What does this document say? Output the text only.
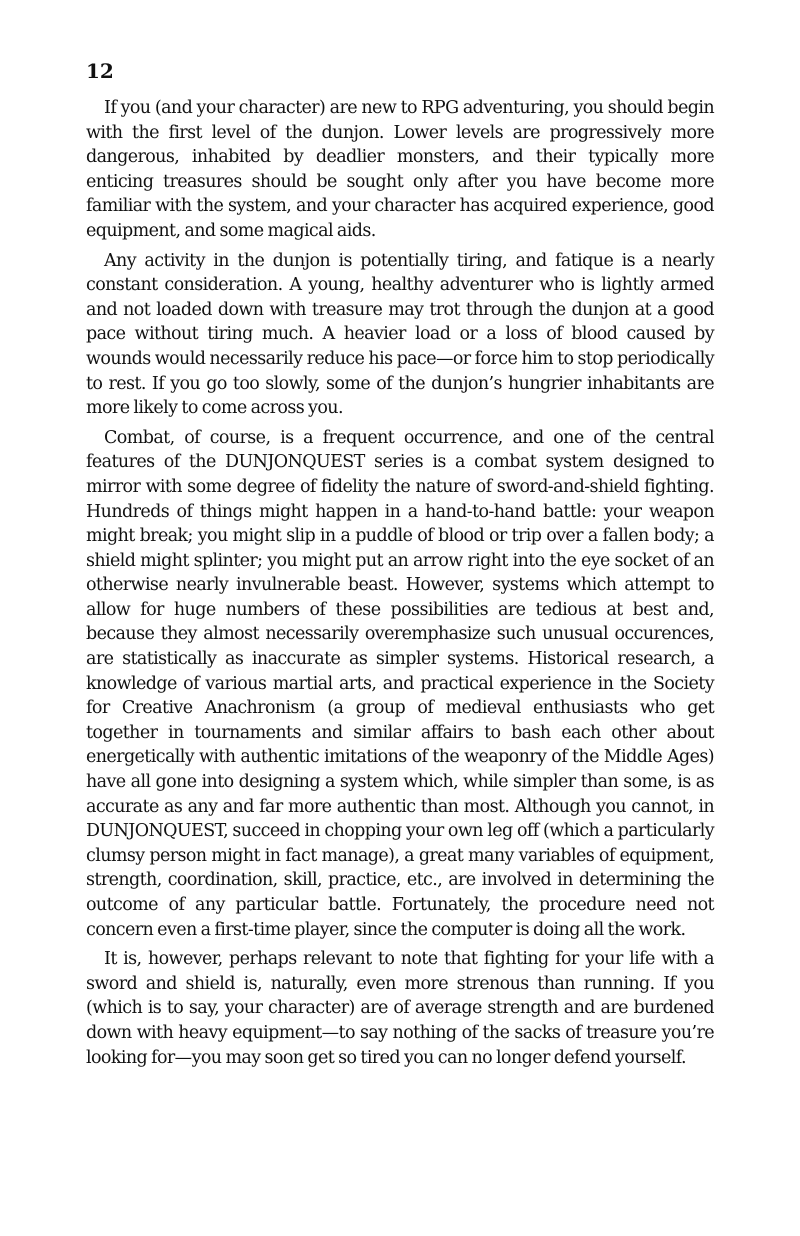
12

If you (and your character) are new to RPG adventuring, you should begin with the first level of the dunjon. Lower levels are progressively more dangerous, inhabited by deadlier monsters, and their typically more enticing treasures should be sought only after you have become more familiar with the system, and your character has acquired experience, good equipment, and some magical aids.

Any activity in the dunjon is potentially tiring, and fatique is a nearly constant consideration. A young, healthy adventurer who is lightly armed and not loaded down with treasure may trot through the dunjon at a good pace without tiring much. A heavier load or a loss of blood caused by wounds would necessarily reduce his pace—or force him to stop periodically to rest. If you go too slowly, some of the dunjon’s hungrier inhabitants are more likely to come across you.

Combat, of course, is a frequent occurrence, and one of the central features of the DUNJONQUEST series is a combat system designed to mirror with some degree of fidelity the nature of sword-and-shield fighting. Hundreds of things might happen in a hand-to-hand battle: your weapon might break; you might slip in a puddle of blood or trip over a fallen body; a shield might splinter; you might put an arrow right into the eye socket of an otherwise nearly invulnerable beast. However, systems which attempt to allow for huge numbers of these possibilities are tedious at best and, because they almost necessarily overemphasize such unusual occurences, are statistically as inaccurate as simpler systems. Historical research, a knowledge of various martial arts, and practical experience in the Society for Creative Anachronism (a group of medieval enthusiasts who get together in tournaments and similar affairs to bash each other about energetically with authentic imitations of the weaponry of the Middle Ages) have all gone into designing a system which, while simpler than some, is as accurate as any and far more authentic than most. Although you cannot, in DUNJONQUEST, succeed in chopping your own leg off (which a particularly clumsy person might in fact manage), a great many variables of equipment, strength, coordination, skill, practice, etc., are involved in determining the outcome of any particular battle. Fortunately, the procedure need not concern even a first-time player, since the computer is doing all the work.

It is, however, perhaps relevant to note that fighting for your life with a sword and shield is, naturally, even more strenous than running. If you (which is to say, your character) are of average strength and are burdened down with heavy equipment—to say nothing of the sacks of treasure you’re looking for—you may soon get so tired you can no longer defend yourself.
